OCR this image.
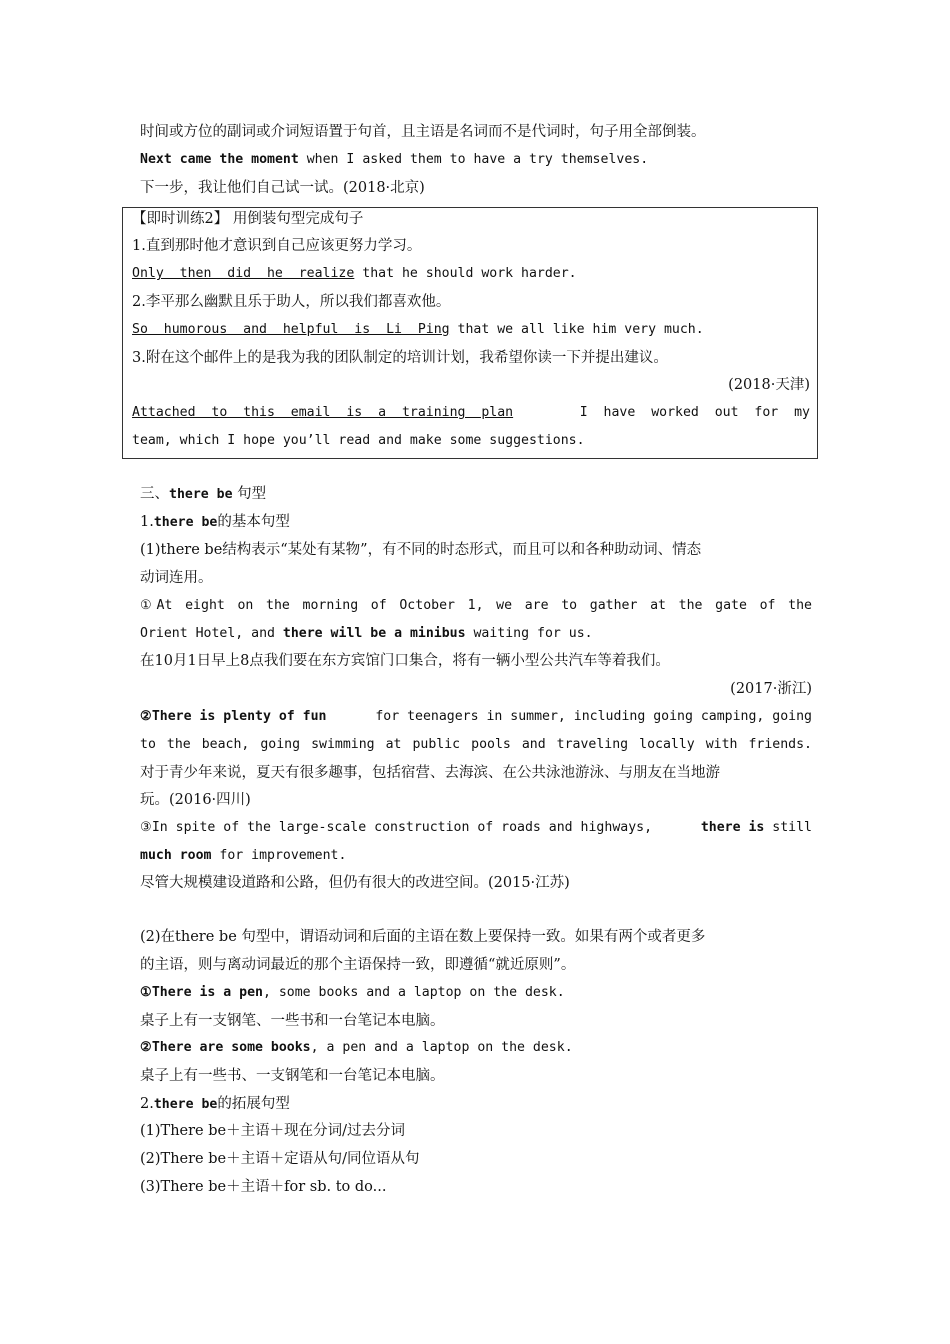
时间或方位的副词或介词短语置于句首，且主语是名词而不是代词时，句子用全部倒装。
Next came the moment when I asked them to have a try themselves.
下一步，我让他们自己试一试。(2018·北京)
【即时训练2】 用倒装句型完成句子
1.直到那时他才意识到自己应该更努力学习。
Only  then  did  he  realize that he should work harder.
2.李平那么幽默且乐于助人，所以我们都喜欢他。
So  humorous  and  helpful  is  Li  Ping that we all like him very much.
3.附在这个邮件上的是我为我的团队制定的培训计划，我希望你读一下并提出建议。
(2018·天津)
Attached  to  this  email  is  a  training  plan	I  have  worked  out  for  my
team, which I hope you’ll read and make some suggestions.
三、there be 句型
1.there be的基本句型
(1)there be结构表示“某处有某物”，有不同的时态形式，而且可以和各种助动词、情态
动词连用。
①At eight on the morning of October 1, we are to gather at the gate of the
Orient Hotel, and there will be a minibus waiting for us.
在10月1日早上8点我们要在东方宾馆门口集合，将有一辆小型公共汽车等着我们。
(2017·浙江)
②There is plenty of fun	for teenagers in summer, including going camping, going
to the beach, going swimming at public pools and traveling locally with friends.
对于青少年来说，夏天有很多趣事，包括宿营、去海滨、在公共泳池游泳、与朋友在当地游
玩。(2016·四川)
③In spite of the large-scale construction of roads and highways,	there is still
much room for improvement.
尽管大规模建设道路和公路，但仍有很大的改进空间。(2015·江苏)
(2)在there be 句型中，谓语动词和后面的主语在数上要保持一致。如果有两个或者更多
的主语，则与离动词最近的那个主语保持一致，即遵循“就近原则”。
①There is a pen, some books and a laptop on the desk.
桌子上有一支钢笔、一些书和一台笔记本电脑。
②There are some books, a pen and a laptop on the desk.
桌子上有一些书、一支钢笔和一台笔记本电脑。
2.there be的拓展句型
(1)There be＋主语＋现在分词/过去分词
(2)There be＋主语＋定语从句/同位语从句
(3)There be＋主语＋for sb. to do...
